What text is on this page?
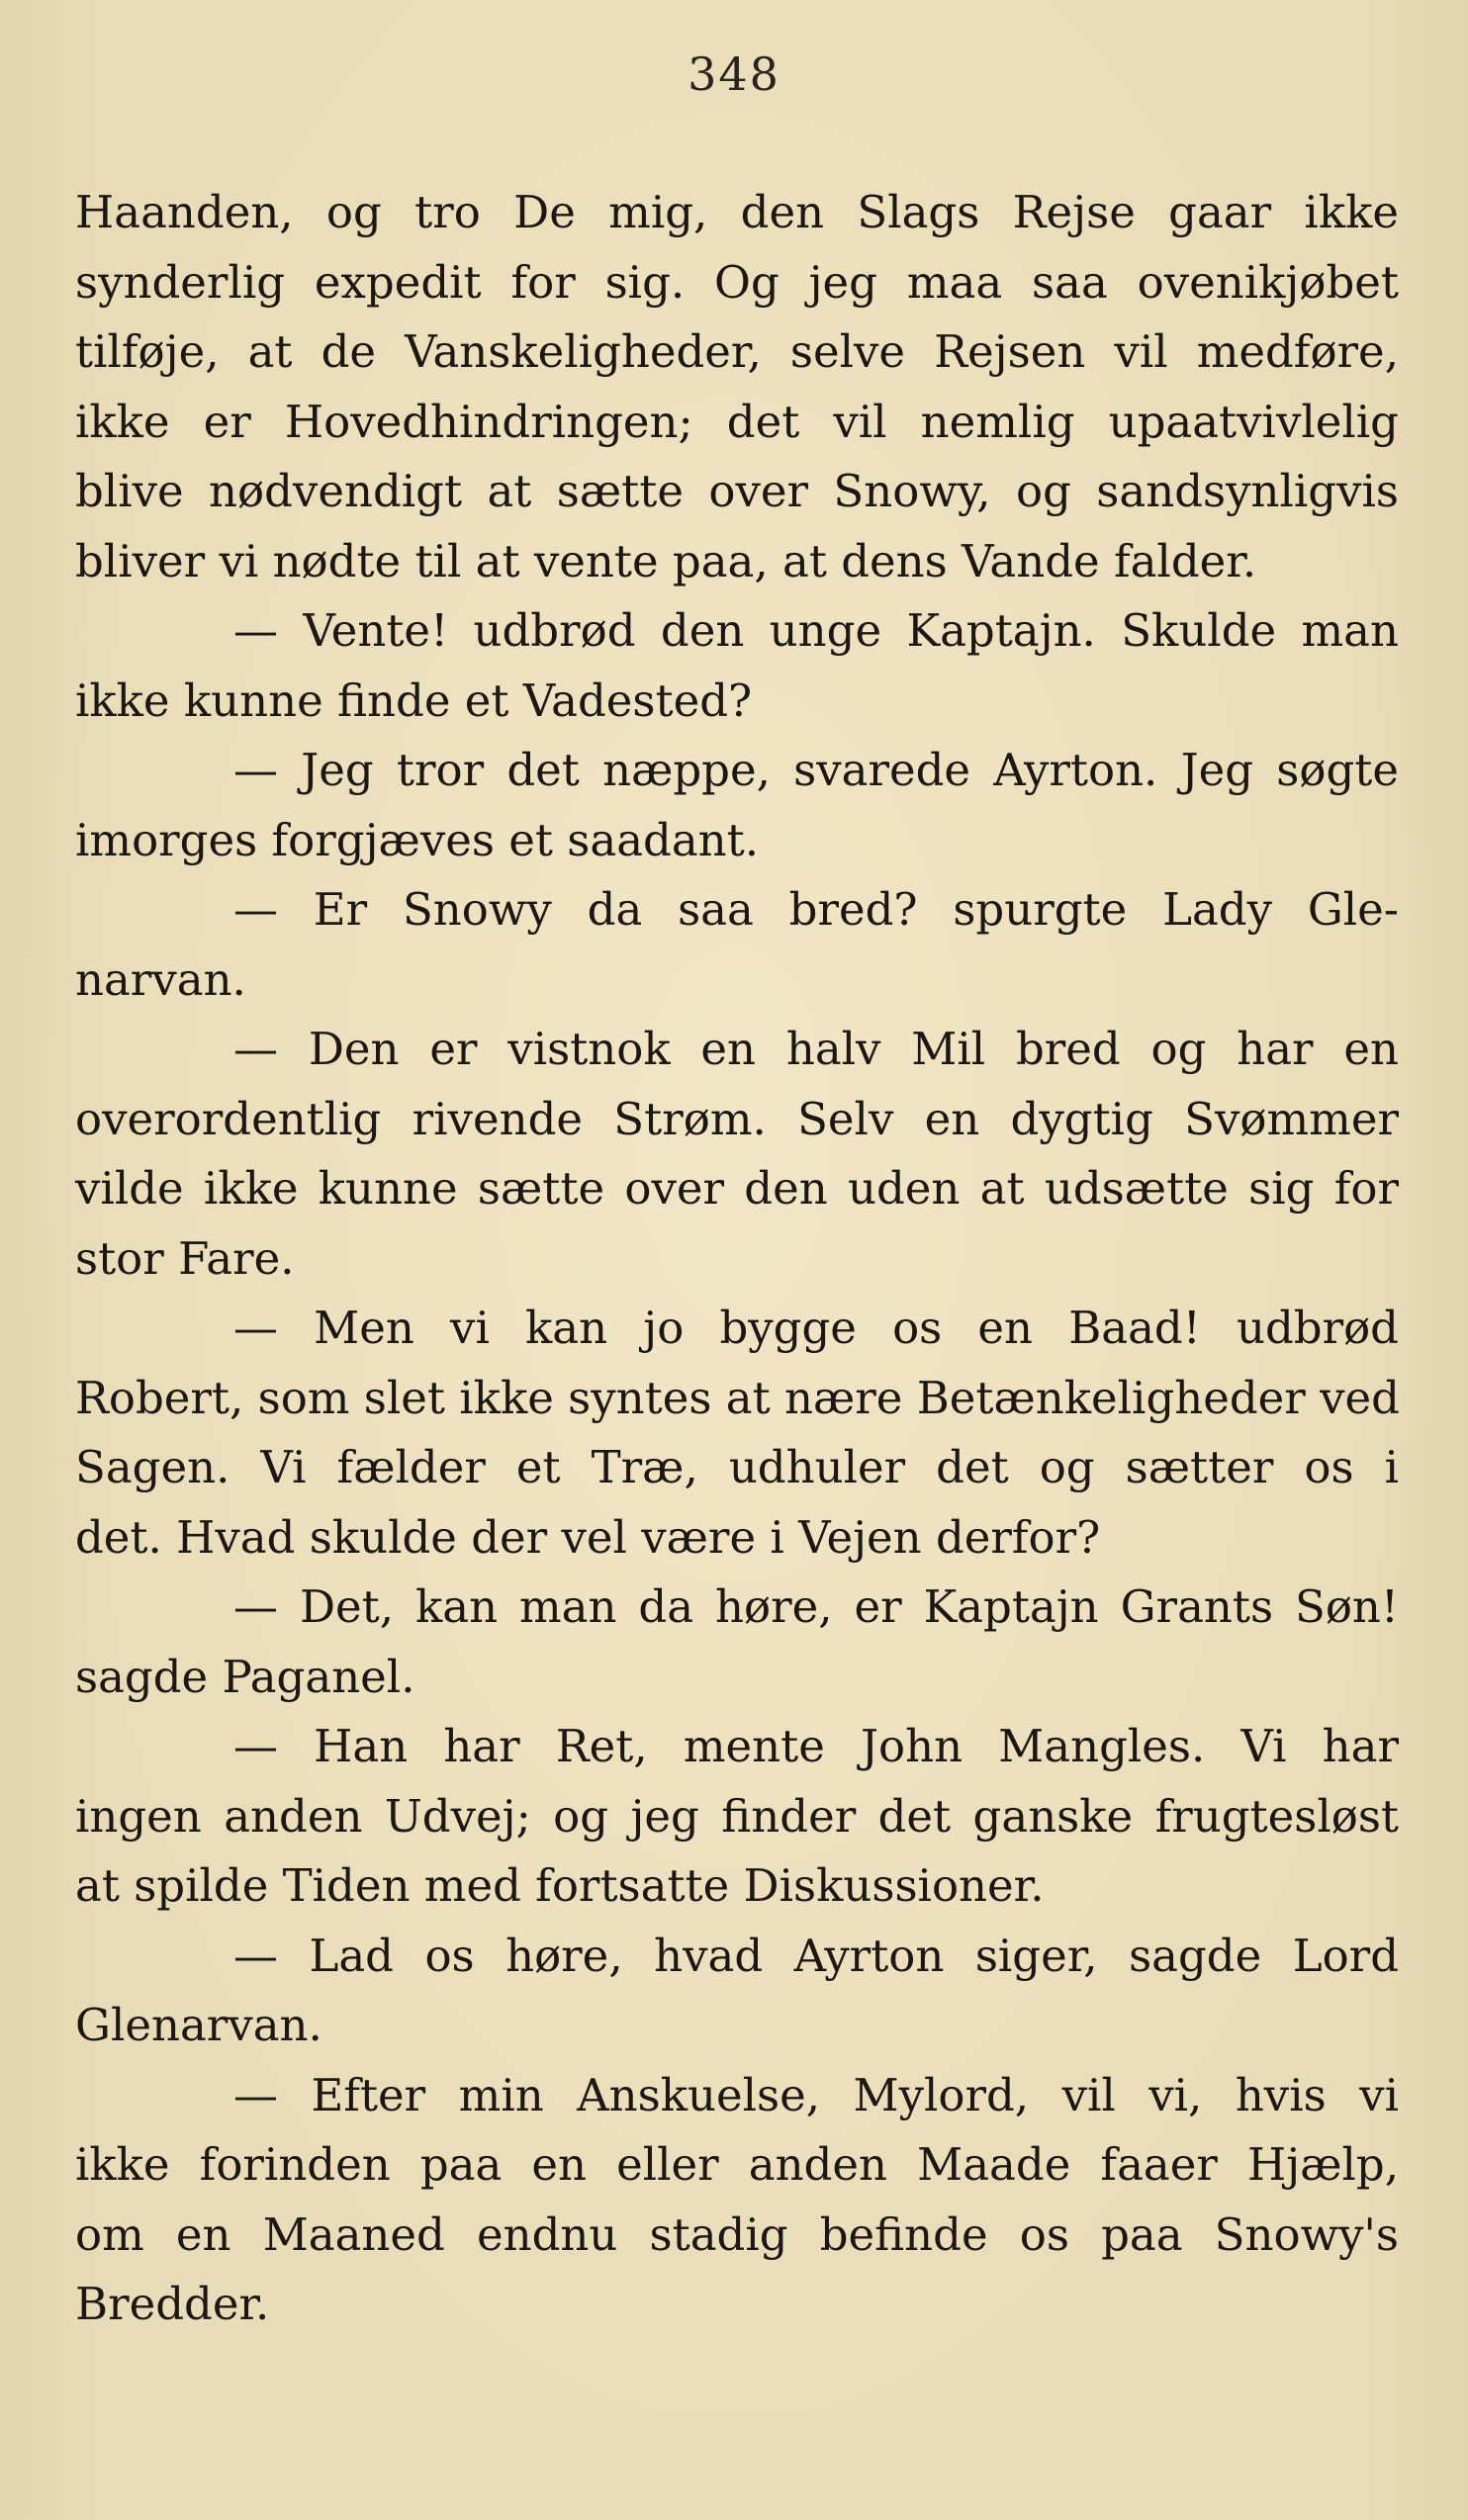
348
Haanden, og tro De mig, den Slags Rejse gaar ikke
synderlig expedit for sig. Og jeg maa saa ovenikjøbet
tilføje, at de Vanskeligheder, selve Rejsen vil medføre,
ikke er Hovedhindringen; det vil nemlig upaatvivlelig
blive nødvendigt at sætte over Snowy, og sandsynligvis
bliver vi nødte til at vente paa, at dens Vande falder.
— Vente! udbrød den unge Kaptajn. Skulde man
ikke kunne finde et Vadested?
— Jeg tror det næppe, svarede Ayrton. Jeg søgte
imorges forgjæves et saadant.
— Er Snowy da saa bred? spurgte Lady Gle-
narvan.
— Den er vistnok en halv Mil bred og har en
overordentlig rivende Strøm. Selv en dygtig Svømmer
vilde ikke kunne sætte over den uden at udsætte sig for
stor Fare.
— Men vi kan jo bygge os en Baad! udbrød
Robert, som slet ikke syntes at nære Betænkeligheder ved
Sagen. Vi fælder et Træ, udhuler det og sætter os i
det. Hvad skulde der vel være i Vejen derfor?
— Det, kan man da høre, er Kaptajn Grants Søn!
sagde Paganel.
— Han har Ret, mente John Mangles. Vi har
ingen anden Udvej; og jeg finder det ganske frugtesløst
at spilde Tiden med fortsatte Diskussioner.
— Lad os høre, hvad Ayrton siger, sagde Lord
Glenarvan.
— Efter min Anskuelse, Mylord, vil vi, hvis vi
ikke forinden paa en eller anden Maade faaer Hjælp,
om en Maaned endnu stadig befinde os paa Snowy's
Bredder.
